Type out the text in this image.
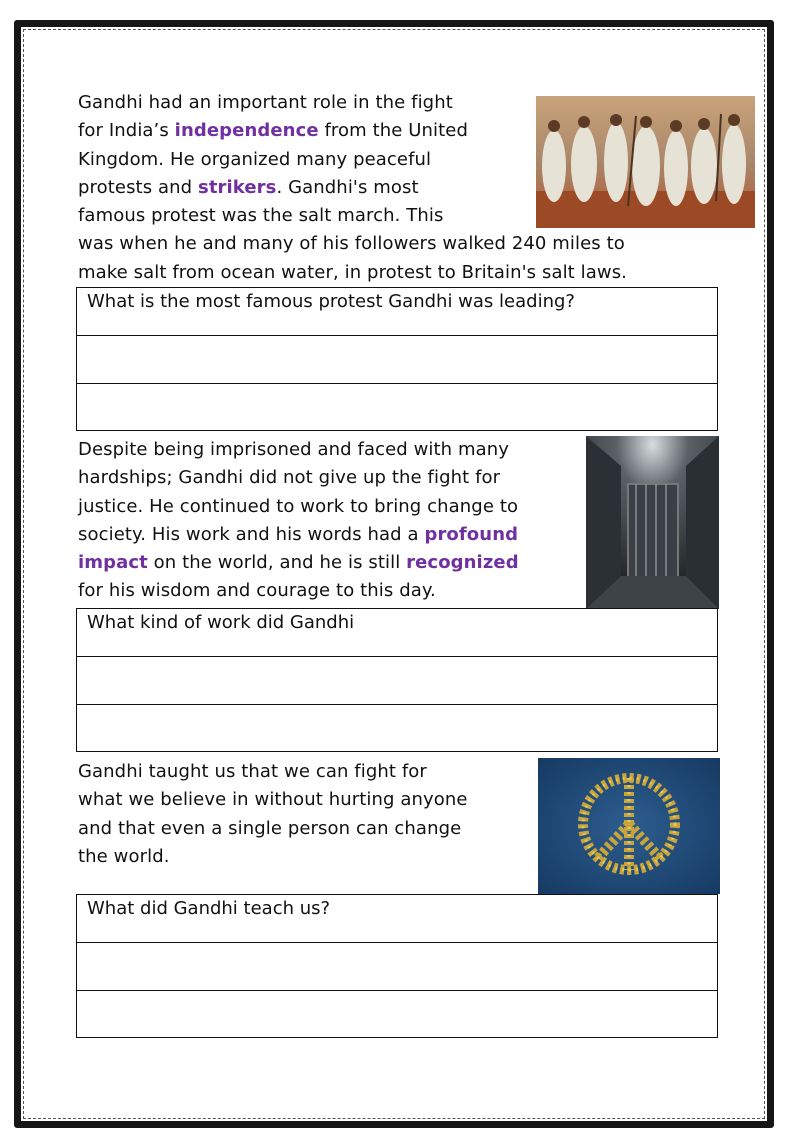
Gandhi had an important role in the fight
for India’s independence from the United
Kingdom. He organized many peaceful
protests and strikers. Gandhi's most
famous protest was the salt march. This
was when he and many of his followers walked 240 miles to
make salt from ocean water, in protest to Britain's salt laws.
What is the most famous protest Gandhi was leading?
Despite being imprisoned and faced with many
hardships; Gandhi did not give up the fight for
justice. He continued to work to bring change to
society. His work and his words had a profound
impact on the world, and he is still recognized
for his wisdom and courage to this day.
What kind of work did Gandhi
Gandhi taught us that we can fight for
what we believe in without hurting anyone
and that even a single person can change
the world.
What did Gandhi teach us?
